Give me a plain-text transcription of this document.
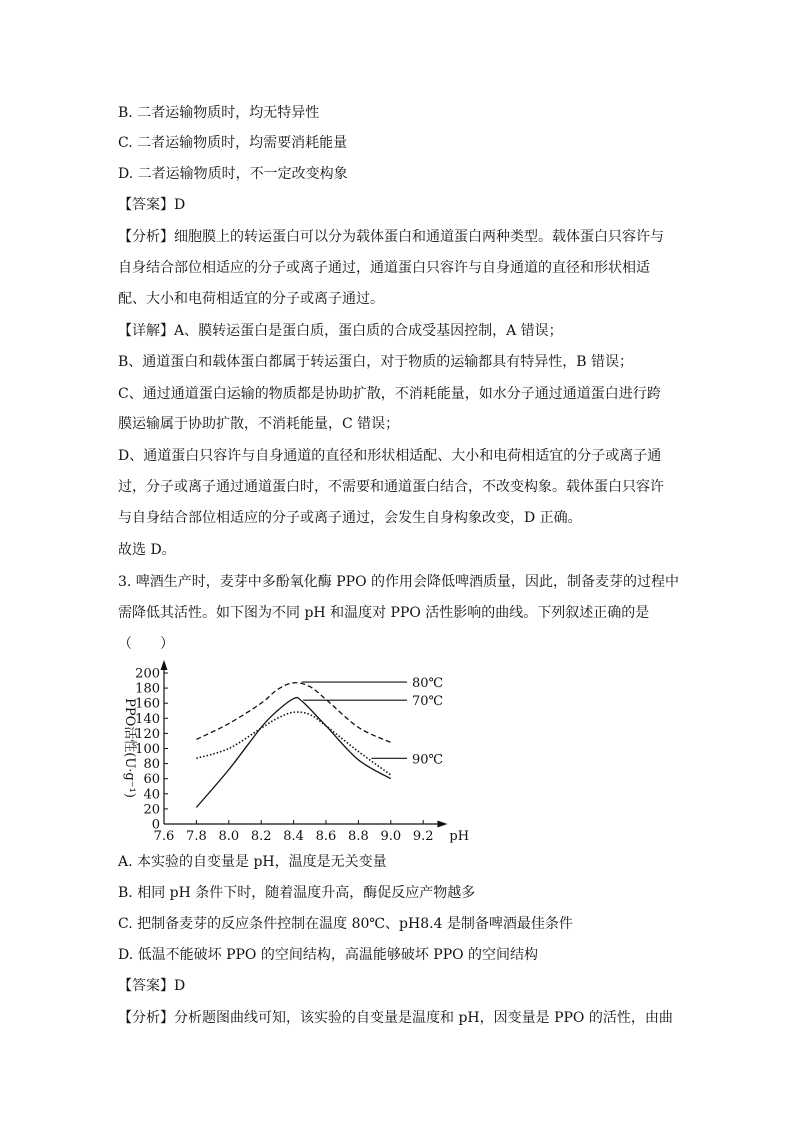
B. 二者运输物质时，均无特异性
C. 二者运输物质时，均需要消耗能量
D. 二者运输物质时，不一定改变构象
【答案】D
【分析】细胞膜上的转运蛋白可以分为载体蛋白和通道蛋白两种类型。载体蛋白只容许与
自身结合部位相适应的分子或离子通过，通道蛋白只容许与自身通道的直径和形状相适
配、大小和电荷相适宜的分子或离子通过。
【详解】A、膜转运蛋白是蛋白质，蛋白质的合成受基因控制，A 错误；
B、通道蛋白和载体蛋白都属于转运蛋白，对于物质的运输都具有特异性，B 错误；
C、通过通道蛋白运输的物质都是协助扩散，不消耗能量，如水分子通过通道蛋白进行跨
膜运输属于协助扩散，不消耗能量，C 错误；
D、通道蛋白只容许与自身通道的直径和形状相适配、大小和电荷相适宜的分子或离子通
过，分子或离子通过通道蛋白时，不需要和通道蛋白结合，不改变构象。载体蛋白只容许
与自身结合部位相适应的分子或离子通过，会发生自身构象改变，D 正确。
故选 D。
3. 啤酒生产时，麦芽中多酚氧化酶 PPO 的作用会降低啤酒质量，因此，制备麦芽的过程中
需降低其活性。如下图为不同 pH 和温度对 PPO 活性影响的曲线。下列叙述正确的是
（　　）
7.6 7.8 8.0 8.2 8.4 8.6 8.8 9.0 9.2 pH
0
20
40
60
80
100
120
140
160
180
200
80℃
70℃
90℃
PPO活性(U·g⁻¹)
A. 本实验的自变量是 pH，温度是无关变量
B. 相同 pH 条件下时，随着温度升高，酶促反应产物越多
C. 把制备麦芽的反应条件控制在温度 80℃、pH8.4 是制备啤酒最佳条件
D. 低温不能破坏 PPO 的空间结构，高温能够破坏 PPO 的空间结构
【答案】D
【分析】分析题图曲线可知，该实验的自变量是温度和 pH，因变量是 PPO 的活性，由曲
